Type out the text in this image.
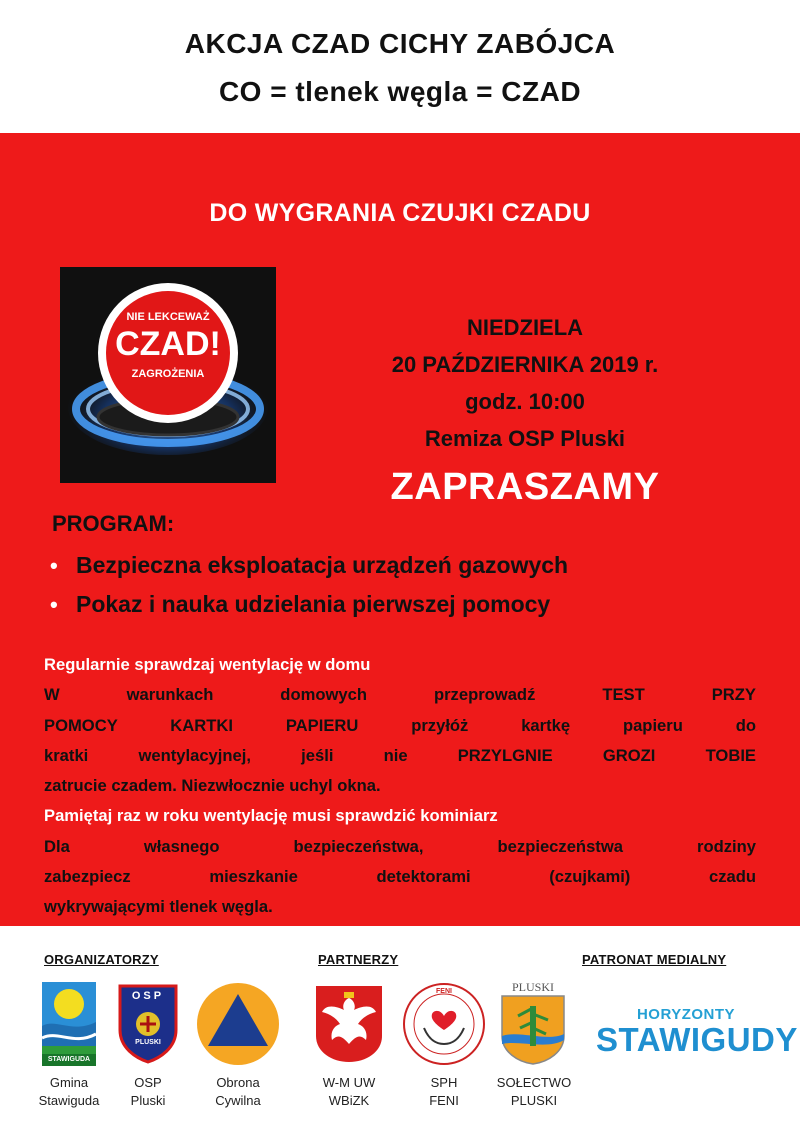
AKCJA CZAD CICHY ZABÓJCA
CO = tlenek węgla = CZAD
DO WYGRANIA CZUJKI CZADU
NIE LEKCEWAŻ
CZAD!
ZAGROŻENIA
NIEDZIELA
20 PAŹDZIERNIKA 2019 r.
godz. 10:00
Remiza OSP Pluski
ZAPRASZAMY
PROGRAM:
• Bezpieczna eksploatacja urządzeń gazowych
• Pokaz i nauka udzielania pierwszej pomocy
Regularnie sprawdzaj wentylację w domu
W warunkach domowych przeprowadź TEST PRZY
POMOCY KARTKI PAPIERU przyłóż kartkę papieru do
kratki wentylacyjnej, jeśli nie PRZYLGNIE GROZI TOBIE
zatrucie czadem. Niezwłocznie uchyl okna.
Pamiętaj raz w roku wentylację musi sprawdzić kominiarz
Dla własnego bezpieczeństwa, bezpieczeństwa rodziny
zabezpiecz mieszkanie detektorami (czujkami) czadu
wykrywającymi tlenek węgla.
ORGANIZATORZY	PARTNERZY	PATRONAT MEDIALNY
STAWIGUDA
OSP
PLUSKI
FENI	PLUSKI
HORYZONTY
STAWIGUDY
Gmina
Stawiguda
OSP
Pluski
Obrona
Cywilna
W-M UW
WBiZK
SPH
FENI
SOŁECTWO
PLUSKI
